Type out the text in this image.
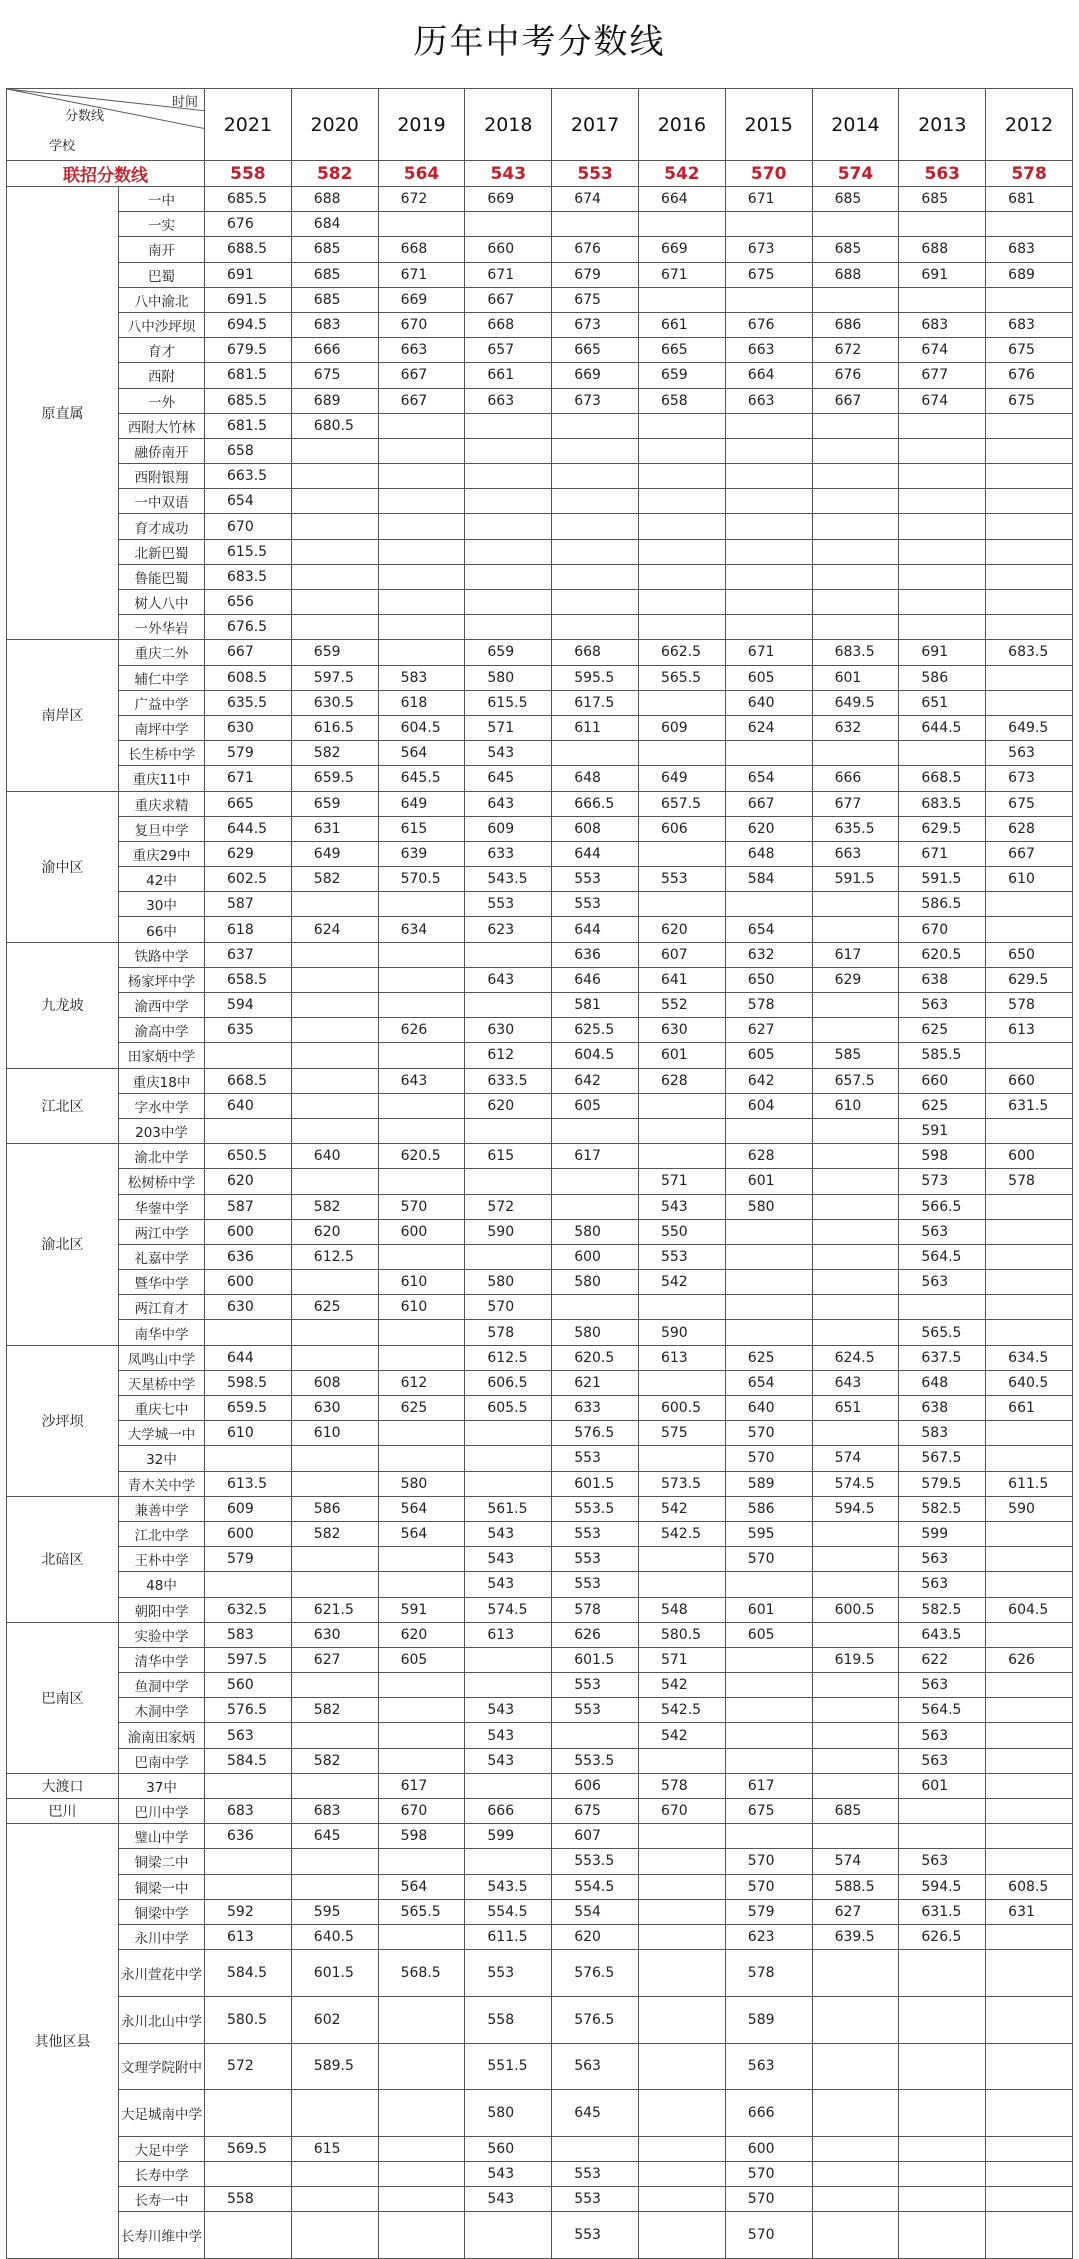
历年中考分数线
时间
分数线
学校		2021	2020	2019	2018	2017	2016	2015	2014	2013	2012
联招分数线		558	582	564	543	553	542	570	574	563	578
原直属	一中	685.5	688	672	669	674	664	671	685	685	681
	一实	676	684								
	南开	688.5	685	668	660	676	669	673	685	688	683
	巴蜀	691	685	671	671	679	671	675	688	691	689
	八中渝北	691.5	685	669	667	675					
	八中沙坪坝	694.5	683	670	668	673	661	676	686	683	683
	育才	679.5	666	663	657	665	665	663	672	674	675
	西附	681.5	675	667	661	669	659	664	676	677	676
	一外	685.5	689	667	663	673	658	663	667	674	675
	西附大竹林	681.5	680.5								
	融侨南开	658									
	西附银翔	663.5									
	一中双语	654									
	育才成功	670									
	北新巴蜀	615.5									
	鲁能巴蜀	683.5									
	树人八中	656									
	一外华岩	676.5									
南岸区	重庆二外	667	659		659	668	662.5	671	683.5	691	683.5
	辅仁中学	608.5	597.5	583	580	595.5	565.5	605	601	586	
	广益中学	635.5	630.5	618	615.5	617.5		640	649.5	651	
	南坪中学	630	616.5	604.5	571	611	609	624	632	644.5	649.5
	长生桥中学	579	582	564	543						563
	重庆11中	671	659.5	645.5	645	648	649	654	666	668.5	673
渝中区	重庆求精	665	659	649	643	666.5	657.5	667	677	683.5	675
	复旦中学	644.5	631	615	609	608	606	620	635.5	629.5	628
	重庆29中	629	649	639	633	644		648	663	671	667
	42中	602.5	582	570.5	543.5	553	553	584	591.5	591.5	610
	30中	587			553	553				586.5	
	66中	618	624	634	623	644	620	654		670	
九龙坡	铁路中学	637				636	607	632	617	620.5	650
	杨家坪中学	658.5			643	646	641	650	629	638	629.5
	渝西中学	594				581	552	578		563	578
	渝高中学	635		626	630	625.5	630	627		625	613
	田家炳中学				612	604.5	601	605	585	585.5	
江北区	重庆18中	668.5		643	633.5	642	628	642	657.5	660	660
	字水中学	640			620	605		604	610	625	631.5
	203中学									591	
渝北区	渝北中学	650.5	640	620.5	615	617		628		598	600
	松树桥中学	620					571	601		573	578
	华蓥中学	587	582	570	572		543	580		566.5	
	两江中学	600	620	600	590	580	550			563	
	礼嘉中学	636	612.5			600	553			564.5	
	暨华中学	600		610	580	580	542			563	
	两江育才	630	625	610	570						
	南华中学				578	580	590			565.5	
沙坪坝	凤鸣山中学	644			612.5	620.5	613	625	624.5	637.5	634.5
	天星桥中学	598.5	608	612	606.5	621		654	643	648	640.5
	重庆七中	659.5	630	625	605.5	633	600.5	640	651	638	661
	大学城一中	610	610			576.5	575	570		583	
	32中					553		570	574	567.5	
	青木关中学	613.5		580		601.5	573.5	589	574.5	579.5	611.5
北碚区	兼善中学	609	586	564	561.5	553.5	542	586	594.5	582.5	590
	江北中学	600	582	564	543	553	542.5	595		599	
	王朴中学	579			543	553		570		563	
	48中				543	553				563	
	朝阳中学	632.5	621.5	591	574.5	578	548	601	600.5	582.5	604.5
巴南区	实验中学	583	630	620	613	626	580.5	605		643.5	
	清华中学	597.5	627	605		601.5	571		619.5	622	626
	鱼洞中学	560				553	542			563	
	木洞中学	576.5	582		543	553	542.5			564.5	
	渝南田家炳	563			543		542			563	
	巴南中学	584.5	582		543	553.5				563	
大渡口	37中			617		606	578	617		601	
巴川	巴川中学	683	683	670	666	675	670	675	685		
其他区县	璧山中学	636	645	598	599	607					
	铜梁二中					553.5		570	574	563	
	铜梁一中			564	543.5	554.5		570	588.5	594.5	608.5
	铜梁中学	592	595	565.5	554.5	554		579	627	631.5	631
	永川中学	613	640.5		611.5	620		623	639.5	626.5	
	永川萱花中学	584.5	601.5	568.5	553	576.5		578			
	永川北山中学	580.5	602		558	576.5		589			
	文理学院附中	572	589.5		551.5	563		563			
	大足城南中学				580	645		666			
	大足中学	569.5	615		560			600			
	长寿中学				543	553		570			
	长寿一中	558			543	553		570			
	长寿川维中学					553		570			
